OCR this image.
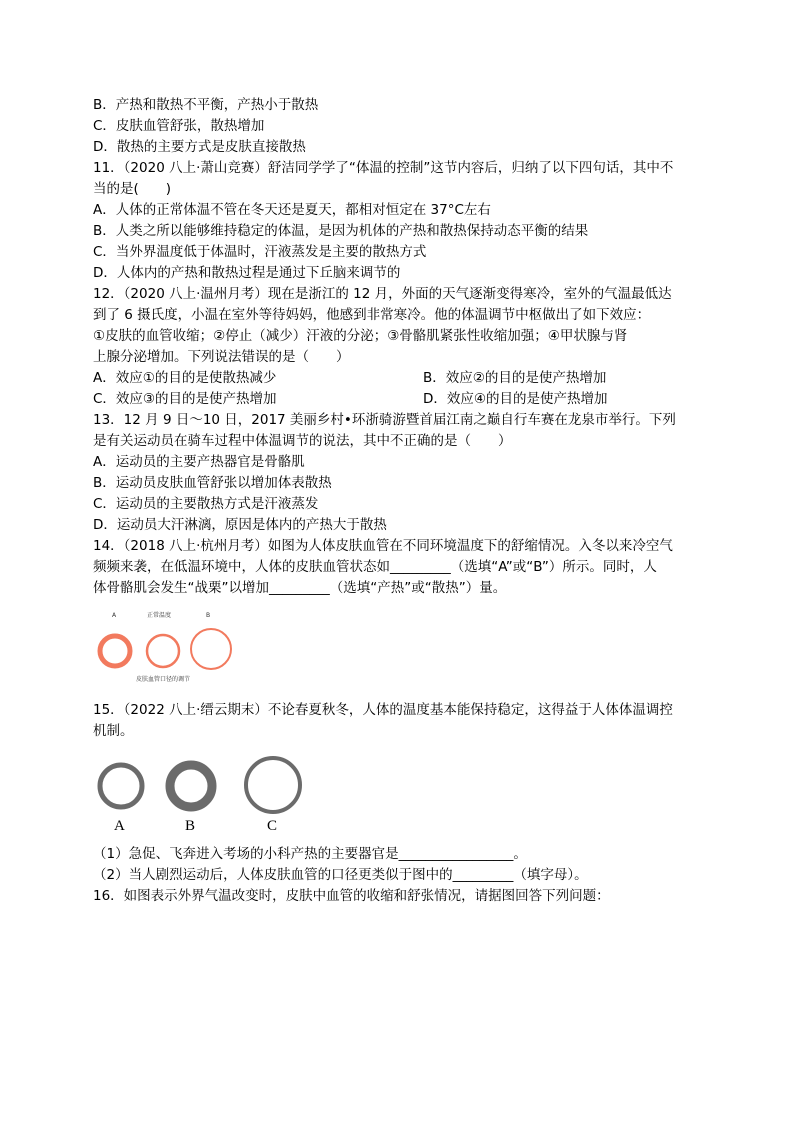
B．产热和散热不平衡，产热小于散热
C．皮肤血管舒张，散热增加
D．散热的主要方式是皮肤直接散热
11．（2020 八上·萧山竞赛）舒洁同学学了“体温的控制”这节内容后，归纳了以下四句话，其中不
当的是(　　)
A．人体的正常体温不管在冬天还是夏天，都相对恒定在 37°C左右
B．人类之所以能够维持稳定的体温，是因为机体的产热和散热保持动态平衡的结果
C．当外界温度低于体温时，汗液蒸发是主要的散热方式
D．人体内的产热和散热过程是通过下丘脑来调节的
12．（2020 八上·温州月考）现在是浙江的 12 月，外面的天气逐渐变得寒冷，室外的气温最低达
到了 6 摄氏度，小温在室外等待妈妈，他感到非常寒冷。他的体温调节中枢做出了如下效应：
①皮肤的血管收缩；②停止（减少）汗液的分泌；③骨骼肌紧张性收缩加强；④甲状腺与肾
上腺分泌增加。下列说法错误的是（　　）
A．效应①的目的是使散热减少	B．效应②的目的是使产热增加
C．效应③的目的是使产热增加	D．效应④的目的是使产热增加
13．12 月 9 日～10 日，2017 美丽乡村•环浙骑游暨首届江南之巅自行车赛在龙泉市举行。下列
是有关运动员在骑车过程中体温调节的说法，其中不正确的是（　　）
A．运动员的主要产热器官是骨骼肌
B．运动员皮肤血管舒张以增加体表散热
C．运动员的主要散热方式是汗液蒸发
D．运动员大汗淋漓，原因是体内的产热大于散热
14．（2018 八上·杭州月考）如图为人体皮肤血管在不同环境温度下的舒缩情况。入冬以来冷空气
频频来袭，在低温环境中，人体的皮肤血管状态如_________（选填“A”或“B”）所示。同时，人
体骨骼肌会发生“战栗”以增加_________（选填“产热”或“散热”）量。
A	正常温度	B
皮肤血管口径的调节
15．（2022 八上·缙云期末）不论春夏秋冬，人体的温度基本能保持稳定，这得益于人体体温调控
机制。
A	B	C
（1）急促、飞奔进入考场的小科产热的主要器官是_________________。
（2）当人剧烈运动后，人体皮肤血管的口径更类似于图中的_________（填字母）。
16．如图表示外界气温改变时，皮肤中血管的收缩和舒张情况，请据图回答下列问题：
